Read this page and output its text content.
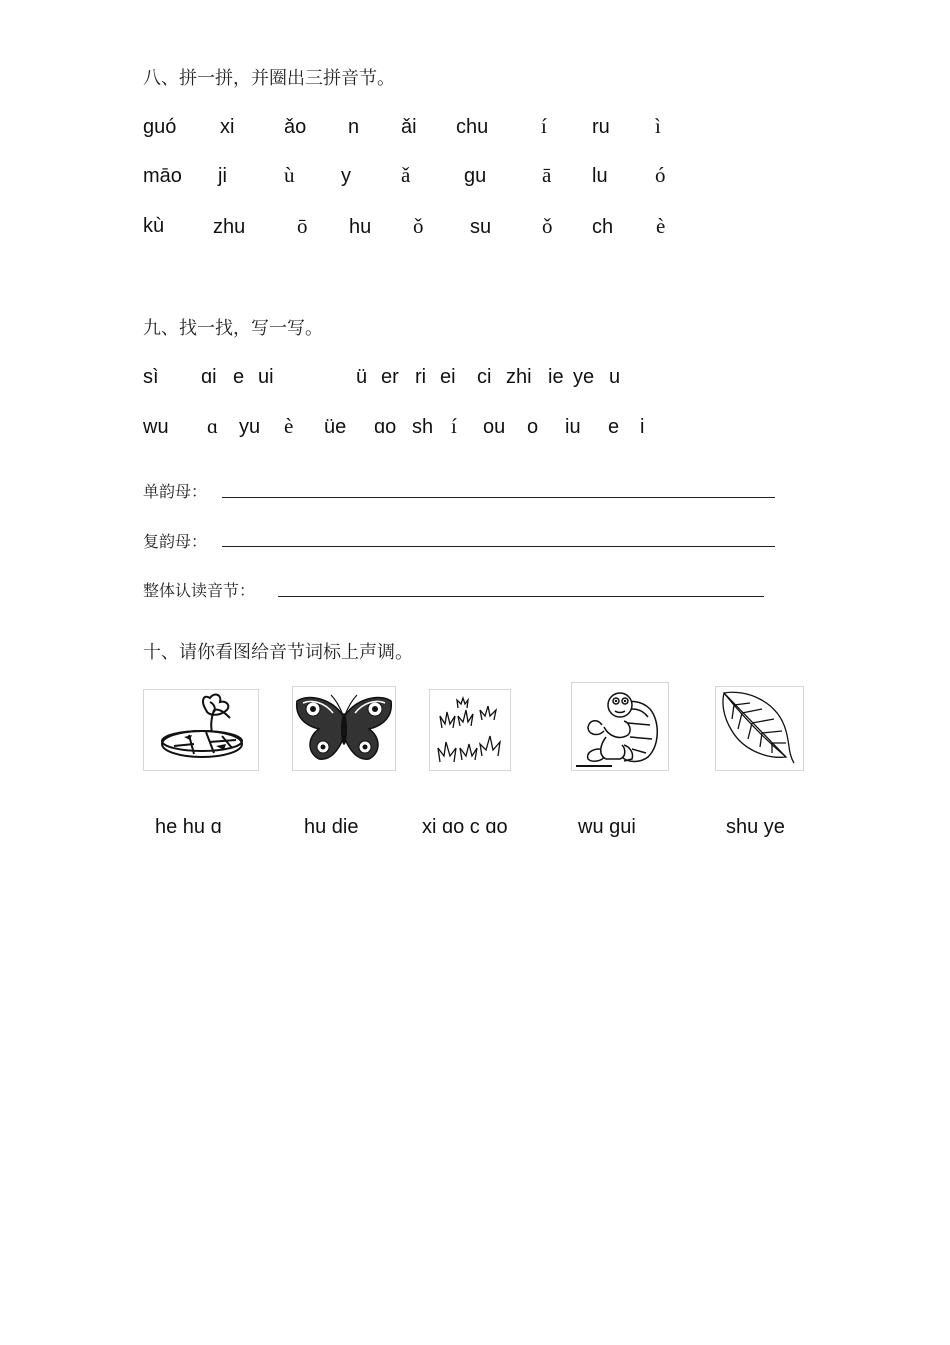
八、拼一拼，并圈出三拼音节。
guó xi ǎo n ǎi chu	í ru ì
māo ji	ù y ǎ	gu	ā lu ó
kù zhu ō hu ǒ su ǒ ch è
九、找一找，写一写。
sì ɑi e ui	ü er ri ei ci zhi ie ye u
wu ɑ yu è üe ɑo sh í ou o iu e i
单韵母：
复韵母：
整体认读音节：
十、请你看图给音节词标上声调。
he hu ɑ	hu die	xi ɑo c ɑo	wu gui	shu ye
